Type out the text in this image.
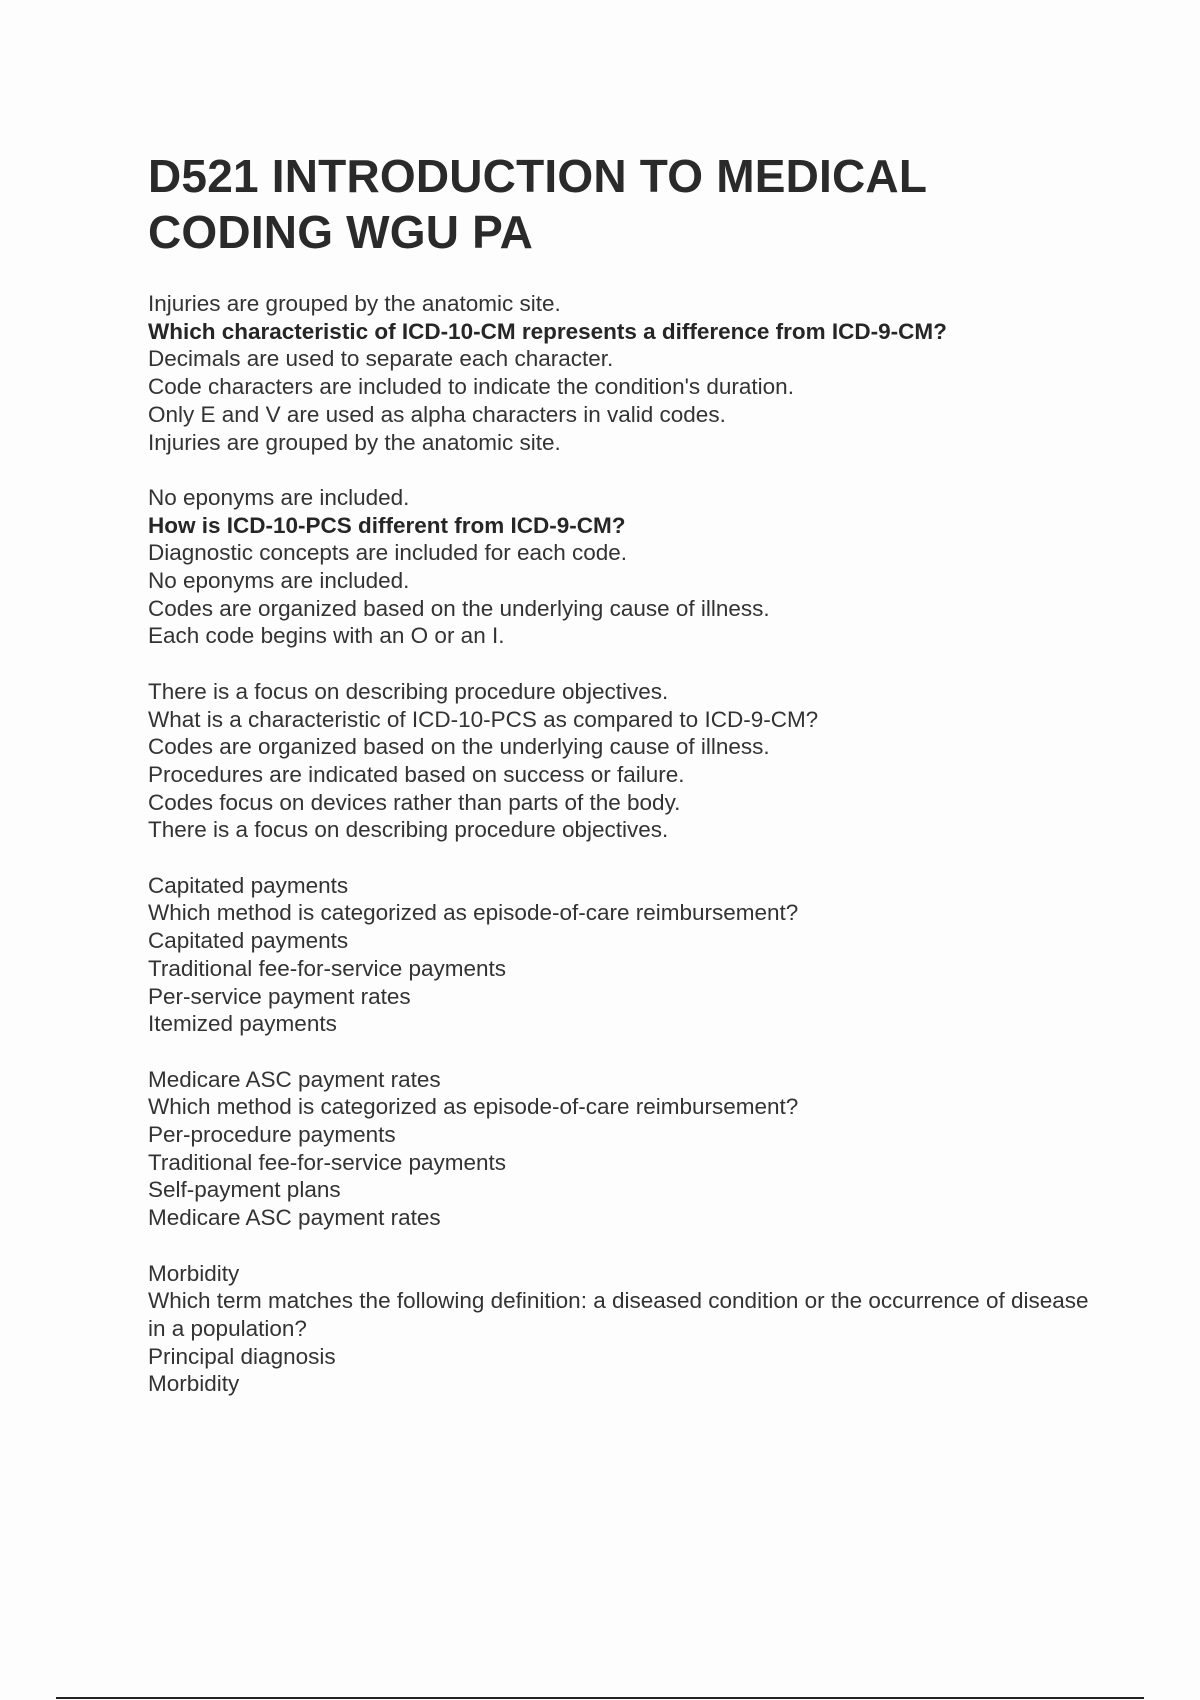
D521 INTRODUCTION TO MEDICAL
CODING WGU PA
Injuries are grouped by the anatomic site.
Which characteristic of ICD-10-CM represents a difference from ICD-9-CM?
Decimals are used to separate each character.
Code characters are included to indicate the condition's duration.
Only E and V are used as alpha characters in valid codes.
Injuries are grouped by the anatomic site.
No eponyms are included.
How is ICD-10-PCS different from ICD-9-CM?
Diagnostic concepts are included for each code.
No eponyms are included.
Codes are organized based on the underlying cause of illness.
Each code begins with an O or an I.
There is a focus on describing procedure objectives.
What is a characteristic of ICD-10-PCS as compared to ICD-9-CM?
Codes are organized based on the underlying cause of illness.
Procedures are indicated based on success or failure.
Codes focus on devices rather than parts of the body.
There is a focus on describing procedure objectives.
Capitated payments
Which method is categorized as episode-of-care reimbursement?
Capitated payments
Traditional fee-for-service payments
Per-service payment rates
Itemized payments
Medicare ASC payment rates
Which method is categorized as episode-of-care reimbursement?
Per-procedure payments
Traditional fee-for-service payments
Self-payment plans
Medicare ASC payment rates
Morbidity
Which term matches the following definition: a diseased condition or the occurrence of disease in a population?
Principal diagnosis
Morbidity
